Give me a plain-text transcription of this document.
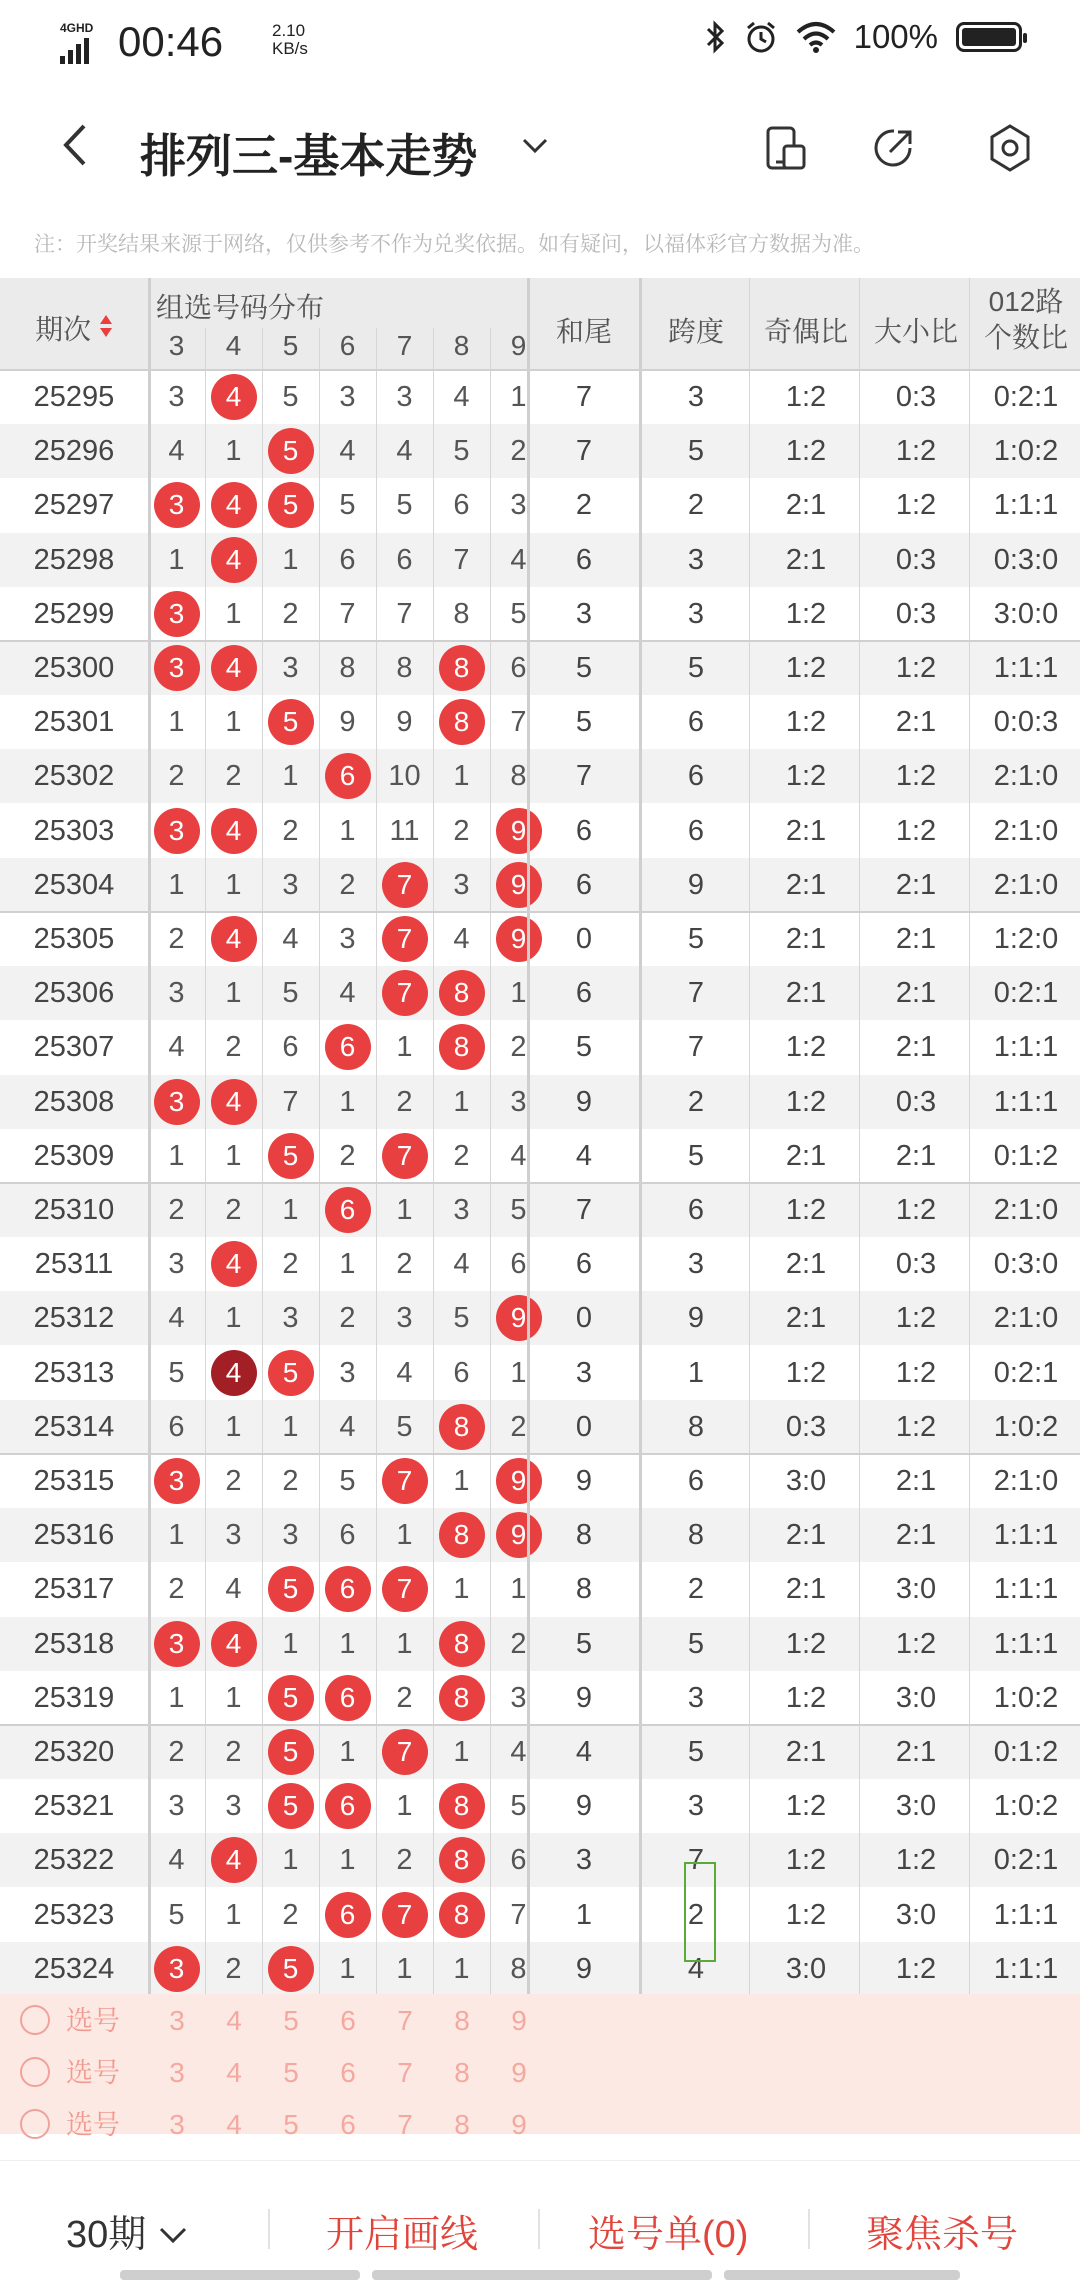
4GHD 00:46	2.10
KB/s	100%
排列三-基本走势
注：开奖结果来源于网络，仅供参考不作为兑奖依据。如有疑问，以福体彩官方数据为准。
期次
组选号码分布
3	4	5	6	7	8	9	和尾	跨度	奇偶比 大小比
012路
个数比
25295	3	4	5	3	3	4	1	7	3	1:2	0:3	0:2:1
25296	4	1	5	4	4	5	2	7	5	1:2	1:2	1:0:2
25297	3	4	5	5	5	6	3	2	2	2:1	1:2	1:1:1
25298	1	4	1	6	6	7	4	6	3	2:1	0:3	0:3:0
25299	3	1	2	7	7	8	5	3	3	1:2	0:3	3:0:0
25300	3	4	3	8	8	8	6	5	5	1:2	1:2	1:1:1
25301	1	1	5	9	9	8	7	5	6	1:2	2:1	0:0:3
25302	2	2	1	6	10	1	8	7	6	1:2	1:2	2:1:0
25303	3	4	2	1	11	2	9	6	6	2:1	1:2	2:1:0
25304	1	1	3	2	7	3	9	6	9	2:1	2:1	2:1:0
25305	2	4	4	3	7	4	9	0	5	2:1	2:1	1:2:0
25306	3	1	5	4	7	8	1	6	7	2:1	2:1	0:2:1
25307	4	2	6	6	1	8	2	5	7	1:2	2:1	1:1:1
25308	3	4	7	1	2	1	3	9	2	1:2	0:3	1:1:1
25309	1	1	5	2	7	2	4	4	5	2:1	2:1	0:1:2
25310	2	2	1	6	1	3	5	7	6	1:2	1:2	2:1:0
25311	3	4	2	1	2	4	6	6	3	2:1	0:3	0:3:0
25312	4	1	3	2	3	5	9	0	9	2:1	1:2	2:1:0
25313	5	4	5	3	4	6	1	3	1	1:2	1:2	0:2:1
25314	6	1	1	4	5	8	2	0	8	0:3	1:2	1:0:2
25315	3	2	2	5	7	1	9	9	6	3:0	2:1	2:1:0
25316	1	3	3	6	1	8	9	8	8	2:1	2:1	1:1:1
25317	2	4	5	6	7	1	1	8	2	2:1	3:0	1:1:1
25318	3	4	1	1	1	8	2	5	5	1:2	1:2	1:1:1
25319	1	1	5	6	2	8	3	9	3	1:2	3:0	1:0:2
25320	2	2	5	1	7	1	4	4	5	2:1	2:1	0:1:2
25321	3	3	5	6	1	8	5	9	3	1:2	3:0	1:0:2
25322	4	4	1	1	2	8	6	3	7	1:2	1:2	0:2:1
25323	5	1	2	6	7	8	7	1	2	1:2	3:0	1:1:1
25324	3	2	5	1	1	1	8	9	4	3:0	1:2	1:1:1
选号	3	4	5	6	7	8	9
选号	3	4	5	6	7	8	9
选号	3	4	5	6	7	8	9
30期	开启画线	选号单(0)	聚焦杀号
